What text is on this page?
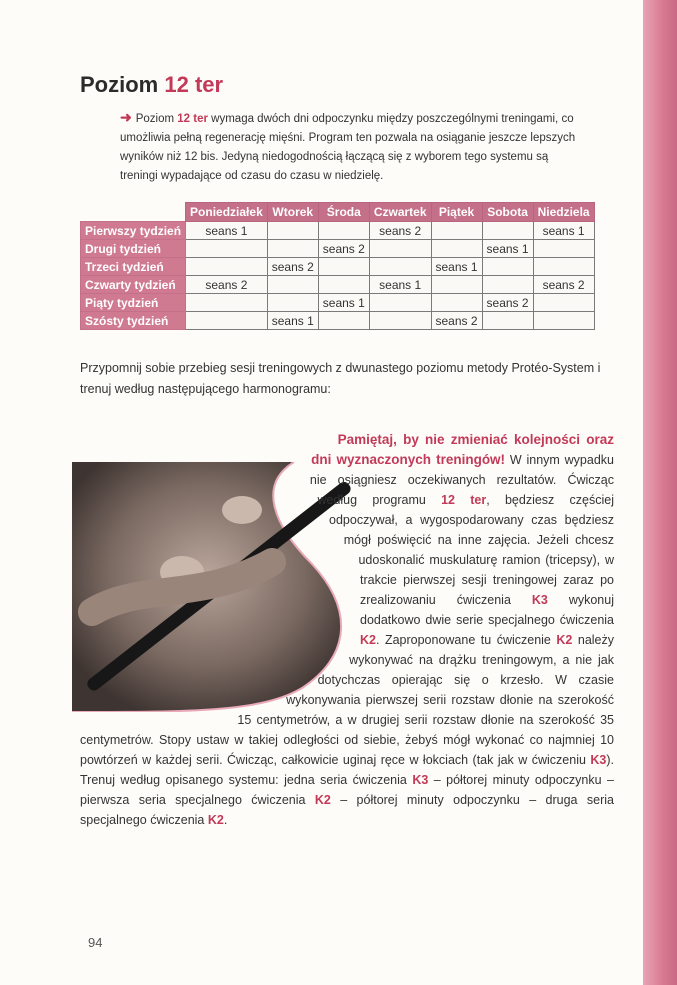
Poziom 12 ter
➜ Poziom 12 ter wymaga dwóch dni odpoczynku między poszczególnymi treningami, co umożliwia pełną regenerację mięśni. Program ten pozwala na osiąganie jeszcze lepszych wyników niż 12 bis. Jedyną niedogodnością łączącą się z wyborem tego systemu są treningi wypadające od czasu do czasu w niedzielę.
	Poniedziałek	Wtorek	Środa	Czwartek	Piątek	Sobota	Niedziela
Pierwszy tydzień	seans 1			seans 2			seans 1
Drugi tydzień			seans 2			seans 1	
Trzeci tydzień		seans 2			seans 1		
Czwarty tydzień	seans 2			seans 1			seans 2
Piąty tydzień			seans 1			seans 2	
Szósty tydzień		seans 1			seans 2		
Przypomnij sobie przebieg sesji treningowych z dwunastego poziomu metody Protéo-System i trenuj według następującego harmonogramu:
Pamiętaj, by nie zmieniać kolejności oraz dni wyznaczonych treningów! W innym wypadku nie osiągniesz oczekiwanych rezultatów. Ćwicząc według programu 12 ter, będziesz częściej odpoczywał, a wygospodarowany czas będziesz mógł poświęcić na inne zajęcia. Jeżeli chcesz udoskonalić muskulaturę ramion (tricepsy), w trakcie pierwszej sesji treningowej zaraz po zrealizowaniu ćwiczenia K3 wykonuj dodatkowo dwie serie specjalnego ćwiczenia K2. Zaproponowane tu ćwiczenie K2 należy wykonywać na drążku treningowym, a nie jak dotychczas opierając się o krzesło. W czasie wykonywania pierwszej serii rozstaw dłonie na szerokość 15 centymetrów, a w drugiej serii rozstaw dłonie na szerokość 35 centymetrów. Stopy ustaw w takiej odległości od siebie, żebyś mógł wykonać co najmniej 10 powtórzeń w każdej serii. Ćwicząc, całkowicie uginaj ręce w łokciach (tak jak w ćwiczeniu K3). Trenuj według opisanego systemu: jedna seria ćwiczenia K3 – półtorej minuty odpoczynku – pierwsza seria specjalnego ćwiczenia K2 – półtorej minuty odpoczynku – druga seria specjalnego ćwiczenia K2.
94
